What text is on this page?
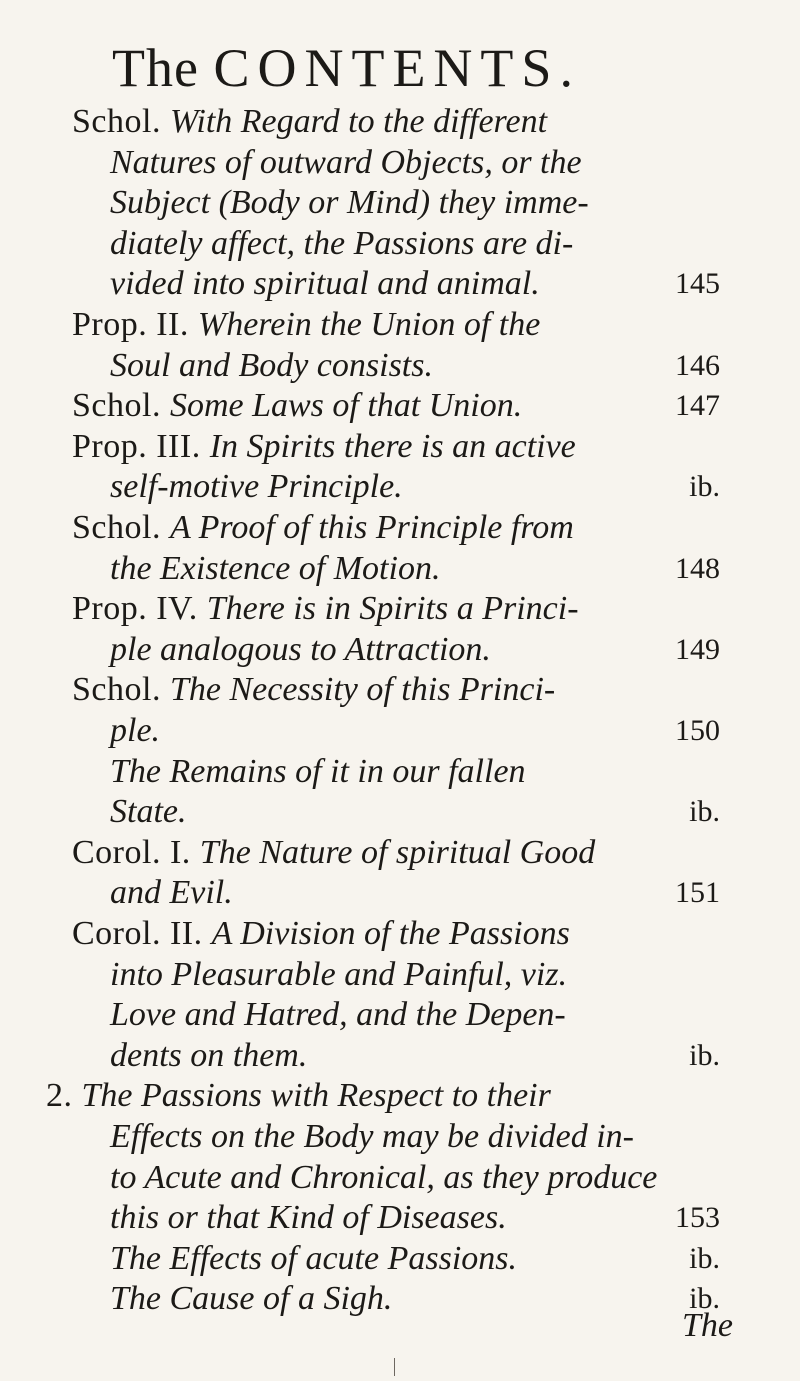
The CONTENTS.
Schol. With Regard to the different
Natures of outward Objects, or the
Subject (Body or Mind) they imme-
diately affect, the Passions are di-
vided into spiritual and animal.	145
Prop. II. Wherein the Union of the
Soul and Body consists.	146
Schol. Some Laws of that Union.	147
Prop. III. In Spirits there is an active
self-motive Principle.	ib.
Schol. A Proof of this Principle from
the Existence of Motion.	148
Prop. IV. There is in Spirits a Princi-
ple analogous to Attraction.	149
Schol. The Necessity of this Princi-
ple.	150
The Remains of it in our fallen
State.	ib.
Corol. I. The Nature of spiritual Good
and Evil.	151
Corol. II. A Division of the Passions
into Pleasurable and Painful, viz.
Love and Hatred, and the Depen-
dents on them.	ib.
2. The Passions with Respect to their
Effects on the Body may be divided in-
to Acute and Chronical, as they produce
this or that Kind of Diseases.	153
The Effects of acute Passions.	ib.
The Cause of a Sigh.	ib.
The
